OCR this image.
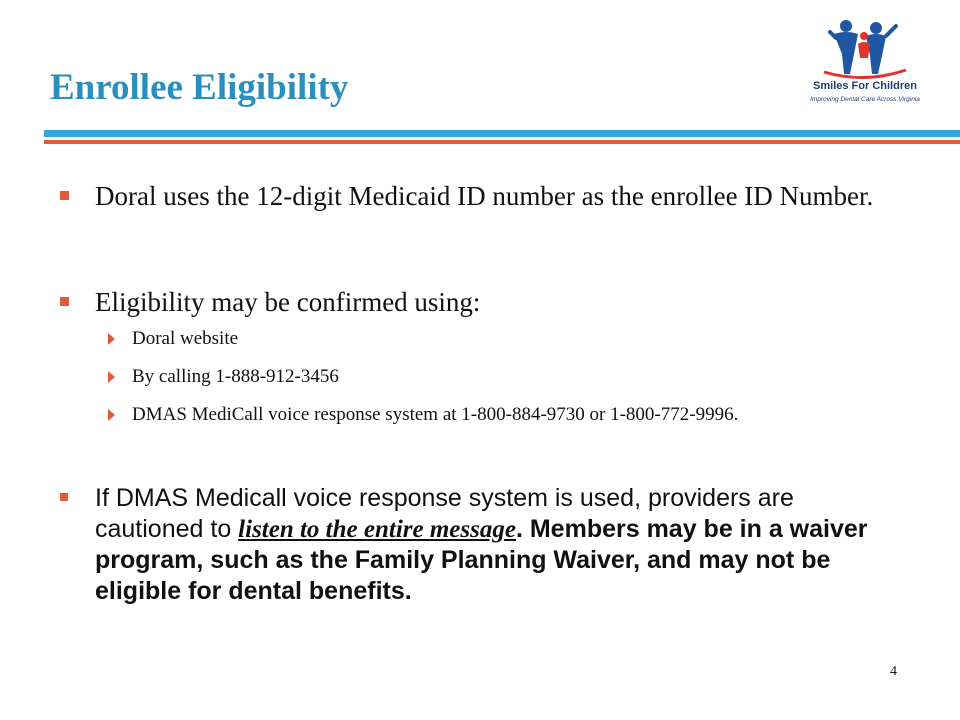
Enrollee Eligibility	Smiles For Children
Improving Dental Care Across Virginia
Doral uses the 12-digit Medicaid ID number as the enrollee ID Number.
Eligibility may be confirmed using:
Doral website
By calling 1-888-912-3456
DMAS MediCall voice response system at 1-800-884-9730 or 1-800-772-9996.
If DMAS Medicall voice response system is used, providers are cautioned to listen to the entire message. Members may be in a waiver program, such as the Family Planning Waiver, and may not be eligible for dental benefits.
4
